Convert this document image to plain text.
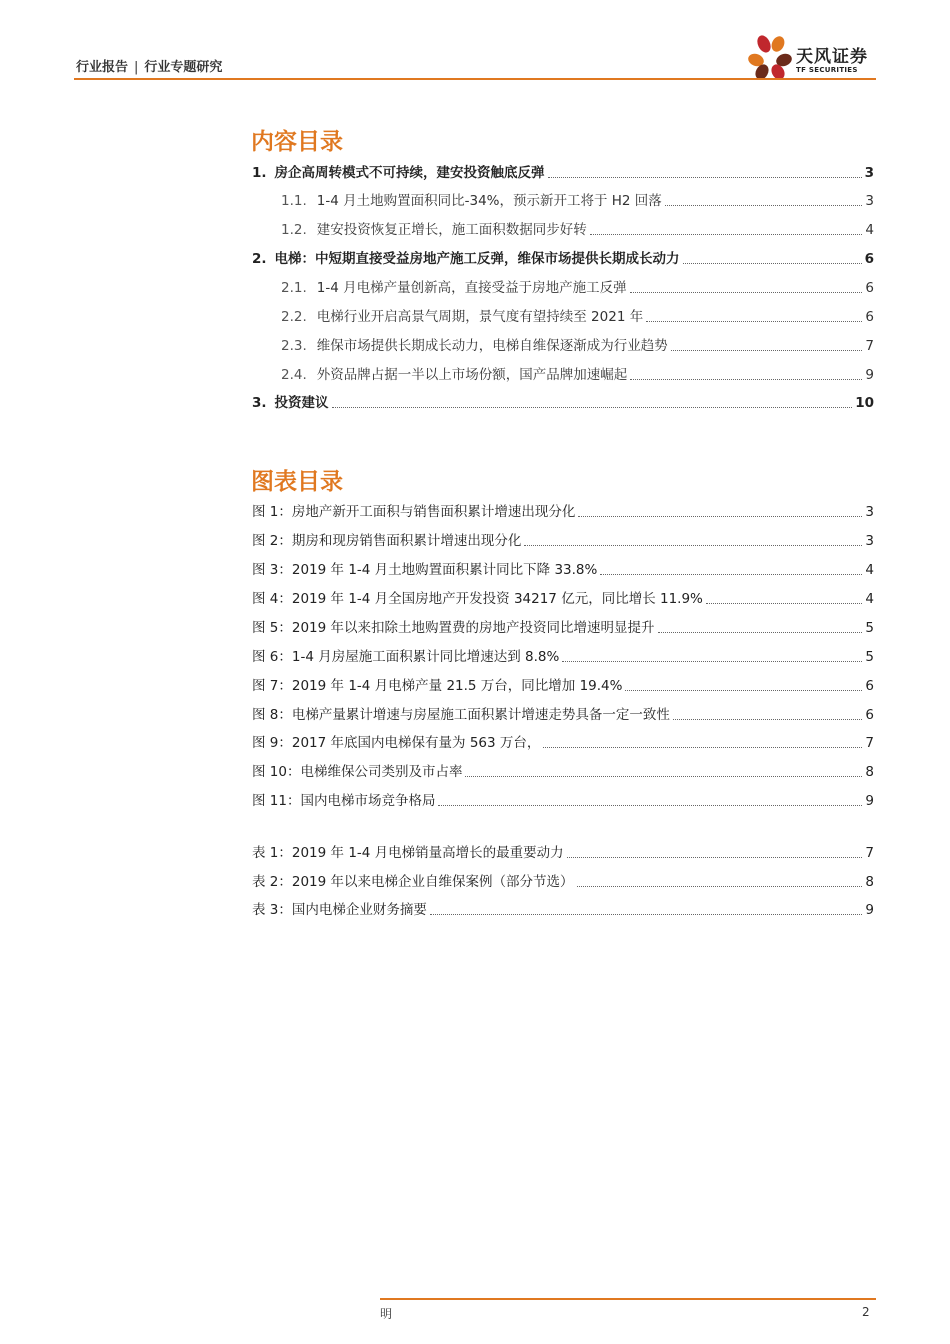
行业报告 | 行业专题研究
天风证券
TF SECURITIES
内容目录
1. 房企高周转模式不可持续，建安投资触底反弹	3
1.1. 1-4 月土地购置面积同比-34%，预示新开工将于 H2 回落	3
1.2. 建安投资恢复正增长，施工面积数据同步好转	4
2. 电梯：中短期直接受益房地产施工反弹，维保市场提供长期成长动力	6
2.1. 1-4 月电梯产量创新高，直接受益于房地产施工反弹	6
2.2. 电梯行业开启高景气周期，景气度有望持续至 2021 年	6
2.3. 维保市场提供长期成长动力，电梯自维保逐渐成为行业趋势	7
2.4. 外资品牌占据一半以上市场份额，国产品牌加速崛起	9
3. 投资建议	10
图表目录
图 1：房地产新开工面积与销售面积累计增速出现分化	3
图 2：期房和现房销售面积累计增速出现分化	3
图 3：2019 年 1-4 月土地购置面积累计同比下降 33.8%	4
图 4：2019 年 1-4 月全国房地产开发投资 34217 亿元，同比增长 11.9%	4
图 5：2019 年以来扣除土地购置费的房地产投资同比增速明显提升	5
图 6：1-4 月房屋施工面积累计同比增速达到 8.8%	5
图 7：2019 年 1-4 月电梯产量 21.5 万台，同比增加 19.4%	6
图 8：电梯产量累计增速与房屋施工面积累计增速走势具备一定一致性	6
图 9：2017 年底国内电梯保有量为 563 万台，	7
图 10：电梯维保公司类别及市占率	8
图 11：国内电梯市场竞争格局	9
表 1：2019 年 1-4 月电梯销量高增长的最重要动力	7
表 2：2019 年以来电梯企业自维保案例（部分节选）	8
表 3：国内电梯企业财务摘要	9
明	2
